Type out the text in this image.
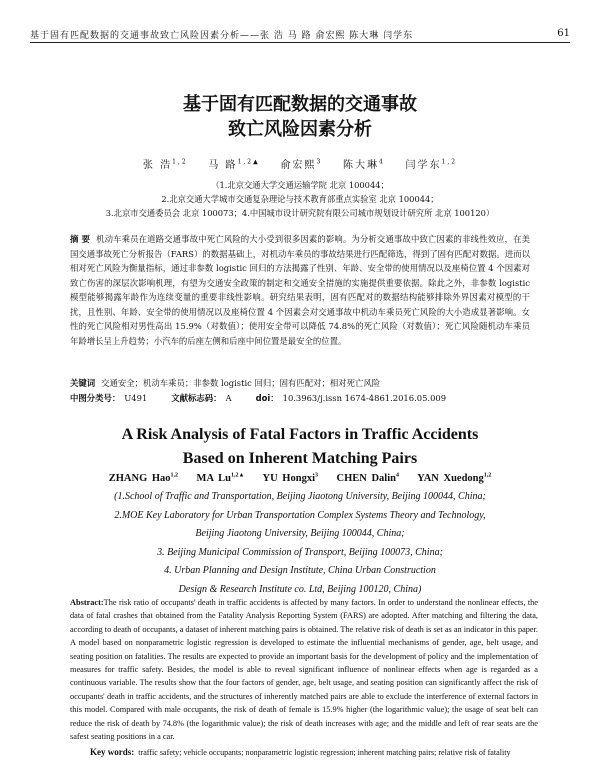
基于固有匹配数据的交通事故致亡风险因素分析——张 浩 马 路 俞宏熙 陈大琳 闫学东	61
基于固有匹配数据的交通事故
致亡风险因素分析
张 浩$^{1,2}$ 马 路$^{1,2▲}$ 俞宏熙$^3$ 陈大琳$^4$ 闫学东$^{1,2}$
（1.北京交通大学交通运输学院 北京 100044；
2.北京交通大学城市交通复杂理论与技术教育部重点实验室 北京 100044；
3.北京市交通委员会 北京 100073；4.中国城市设计研究院有限公司城市规划设计研究所 北京 100120）
摘 要 机动车乘员在道路交通事故中死亡风险的大小受到很多因素的影响。为分析交通事故中致亡因素的非线性效应，在美国交通事故死亡分析报告（FARS）的数据基础上，对机动车乘员的事故结果进行匹配筛选，得到了固有匹配对数据。进而以相对死亡风险为衡量指标，通过非参数 logistic 回归的方法揭露了性别、年龄、安全带的使用情况以及座椅位置 4 个因素对致亡伤害的深层次影响机理，有望为交通安全政策的制定和交通安全措施的实施提供重要依据。除此之外，非参数 logistic 模型能够揭露年龄作为连续变量的重要非线性影响。研究结果表明，固有匹配对的数据结构能够排除外界因素对模型的干扰，且性别、年龄、安全带的使用情况以及座椅位置 4 个因素会对交通事故中机动车乘员死亡风险的大小造成显著影响。女性的死亡风险相对男性高出 15.9%（对数值）；使用安全带可以降低 74.8%的死亡风险（对数值）；死亡风险随机动车乘员年龄增长呈上升趋势；小汽车的后座左侧和后座中间位置是最安全的位置。
关键词 交通安全；机动车乘员；非参数 logistic 回归；固有匹配对；相对死亡风险
中图分类号： U491	文献标志码： A	doi： 10.3963/j.issn 1674-4861.2016.05.009
A Risk Analysis of Fatal Factors in Traffic Accidents
Based on Inherent Matching Pairs
ZHANG Hao$^{1,2}$ MA $Lu^{1,2▲}$ YU Hongxi$^3$ CHEN Dalin$^4$ YAN Xuedong$^{1,2}$
(1.School of Traffic and Transportation, Beijing Jiaotong University, Beijing 100044, China;
2.MOE Key Laboratory for Urban Transportation Complex Systems Theory and Technology,
Beijing Jiaotong University, Beijing 100044, China;
3. Beijing Municipal Commission of Transport, Beijing 100073, China;
4. Urban Planning and Design Institute, China Urban Construction
Design & Research Institute co. Ltd, Beijing 100120, China)
Abstract:The risk ratio of occupants' death in traffic accidents is affected by many factors. In order to understand the nonlinear effects, the data of fatal crashes that obtained from the Fatality Analysis Reporting System (FARS) are adopted. After matching and filtering the data, according to death of occupants, a dataset of inherent matching pairs is obtained. The relative risk of death is set as an indicator in this paper. A model based on nonparametric logistic regression is developed to estimate the influential mechanisms of gender, age, belt usage, and seating position on fatalities. The results are expected to provide an important basis for the development of policy and the implementation of measures for traffic safety. Besides, the model is able to reveal significant influence of nonlinear effects when age is regarded as a continuous variable. The results show that the four factors of gender, age, belt usage, and seating position can significantly affect the risk of occupants' death in traffic accidents, and the structures of inherently matched pairs are able to exclude the interference of external factors in this model. Compared with male occupants, the risk of death of female is 15.9% higher (the logarithmic value); the usage of seat belt can reduce the risk of death by 74.8% (the logarithmic value); the risk of death increases with age; and the middle and left of rear seats are the safest seating positions in a car.
Key words: traffic safety; vehicle occupants; nonparametric logistic regression; inherent matching pairs; relative risk of fatality
